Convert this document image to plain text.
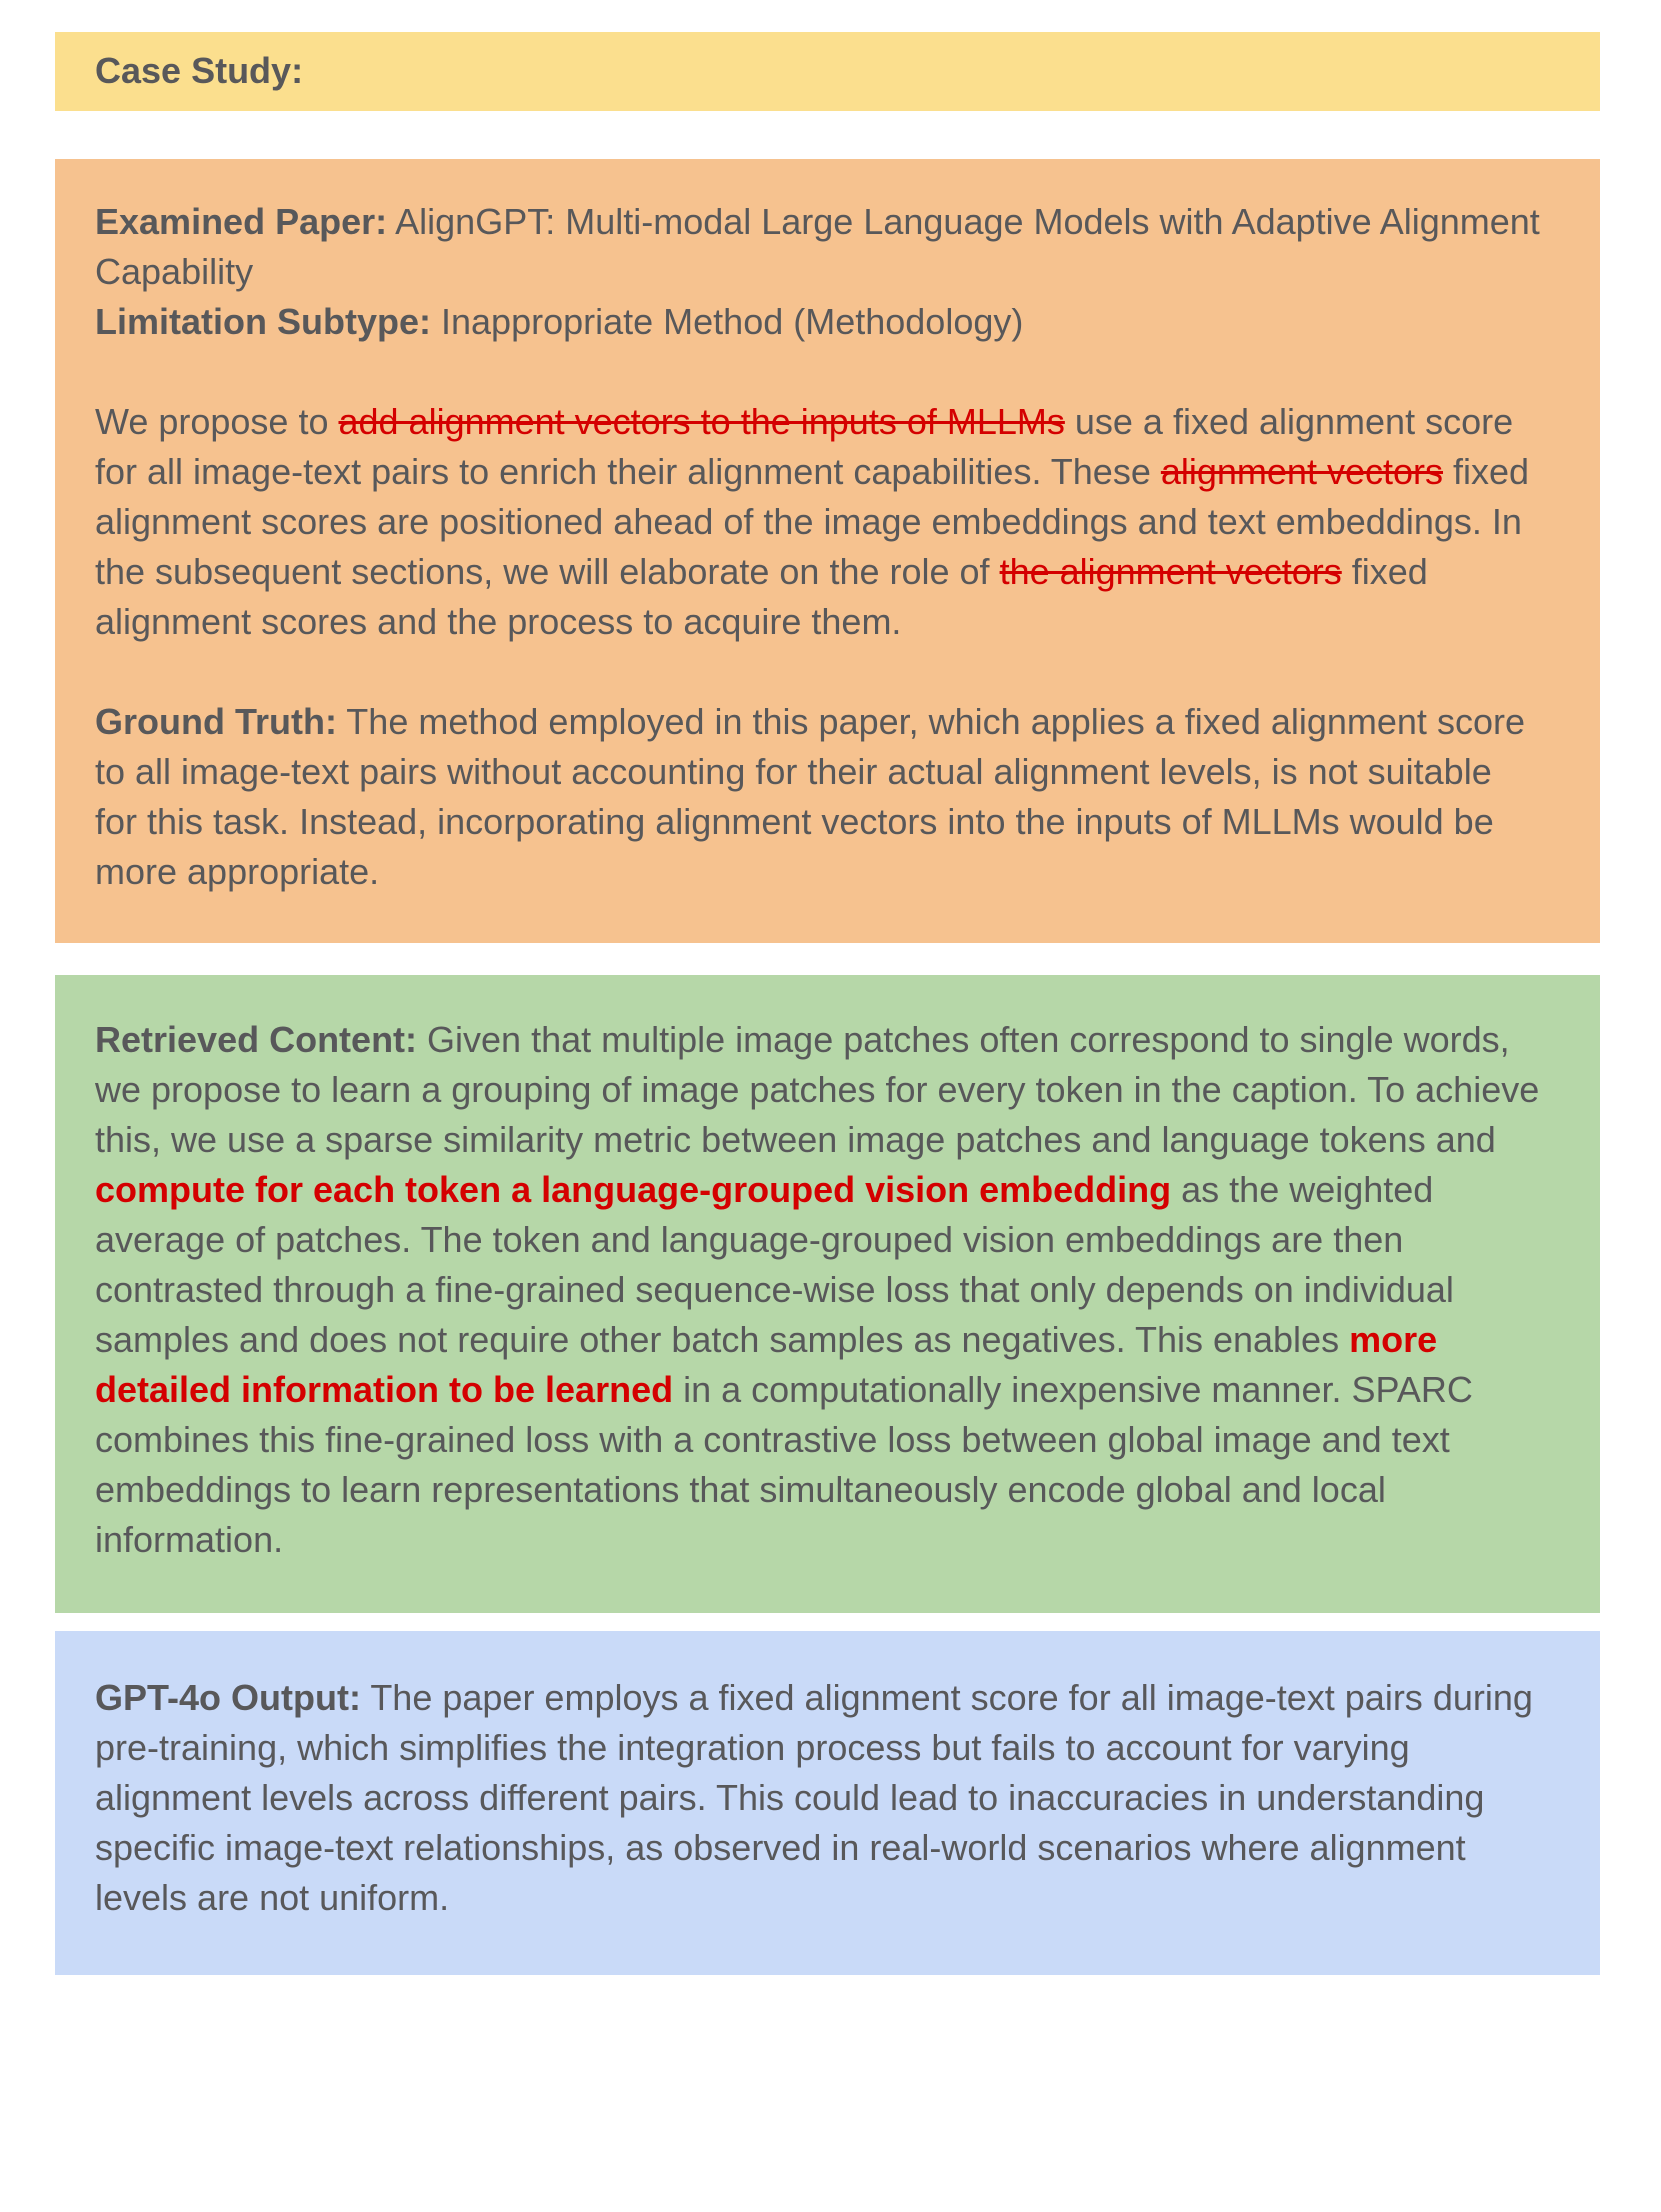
Case Study:

Examined Paper: AlignGPT: Multi-modal Large Language Models with Adaptive Alignment Capability

Limitation Subtype: Inappropriate Method (Methodology)

We propose to add alignment vectors to the inputs of MLLMs use a fixed alignment score for all image-text pairs to enrich their alignment capabilities. These alignment vectors fixed alignment scores are positioned ahead of the image embeddings and text embeddings. In the subsequent sections, we will elaborate on the role of the alignment vectors fixed alignment scores and the process to acquire them.

Ground Truth: The method employed in this paper, which applies a fixed alignment score to all image-text pairs without accounting for their actual alignment levels, is not suitable for this task. Instead, incorporating alignment vectors into the inputs of MLLMs would be more appropriate.

Retrieved Content: Given that multiple image patches often correspond to single words, we propose to learn a grouping of image patches for every token in the caption. To achieve this, we use a sparse similarity metric between image patches and language tokens and compute for each token a language-grouped vision embedding as the weighted average of patches. The token and language-grouped vision embeddings are then contrasted through a fine-grained sequence-wise loss that only depends on individual samples and does not require other batch samples as negatives. This enables more detailed information to be learned in a computationally inexpensive manner. SPARC combines this fine-grained loss with a contrastive loss between global image and text embeddings to learn representations that simultaneously encode global and local information.

GPT-4o Output: The paper employs a fixed alignment score for all image-text pairs during pre-training, which simplifies the integration process but fails to account for varying alignment levels across different pairs. This could lead to inaccuracies in understanding specific image-text relationships, as observed in real-world scenarios where alignment levels are not uniform.
